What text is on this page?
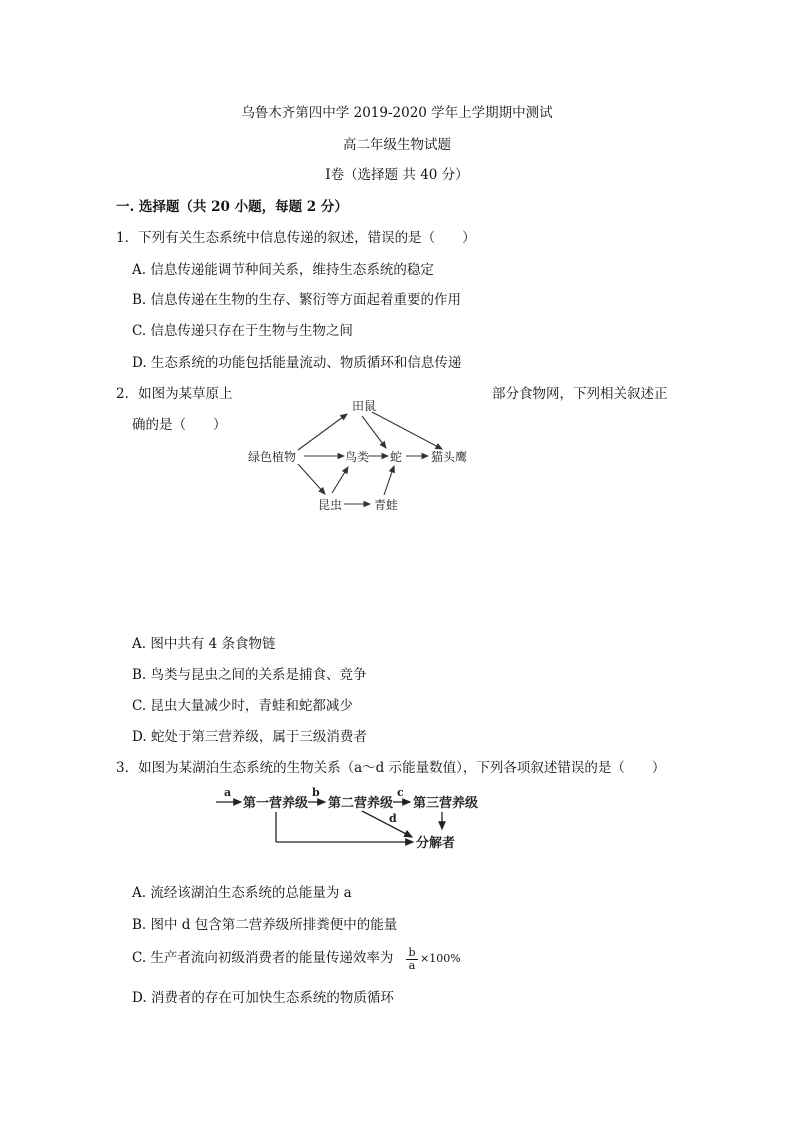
乌鲁木齐第四中学 2019-2020 学年上学期期中测试
高二年级生物试题
Ⅰ卷（选择题 共 40 分）
一. 选择题（共 20 小题，每题 2 分）
1．下列有关生态系统中信息传递的叙述，错误的是（　　）
A. 信息传递能调节种间关系，维持生态系统的稳定
B. 信息传递在生物的生存、繁衍等方面起着重要的作用
C. 信息传递只存在于生物与生物之间
D. 生态系统的功能包括能量流动、物质循环和信息传递
2．如图为某草原上	部分食物网，下列相关叙述正
确的是（　　）
田鼠
绿色植物	鸟类 蛇 猫头鹰
昆虫	青蛙
A. 图中共有 4 条食物链
B. 鸟类与昆虫之间的关系是捕食、竞争
C. 昆虫大量减少时，青蛙和蛇都减少
D. 蛇处于第三营养级，属于三级消费者
3．如图为某湖泊生态系统的生物关系（a～d 示能量数值），下列各项叙述错误的是（　　）
a	b	c
d
第一营养级 第二营养级 第三营养级
分解者
A. 流经该湖泊生态系统的总能量为 a
B. 图中 d 包含第二营养级所排粪便中的能量
C. 生产者流向初级消费者的能量传递效率为 $\frac{b}{a} \times 100\%$
D. 消费者的存在可加快生态系统的物质循环
